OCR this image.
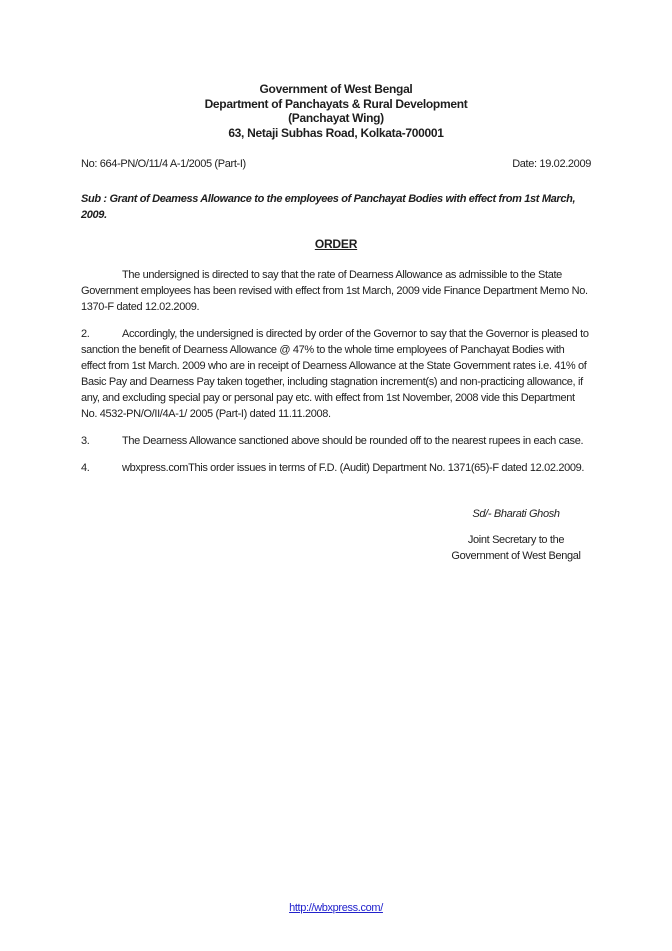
Government of West Bengal
Department of Panchayats & Rural Development
(Panchayat Wing)
63, Netaji Subhas Road, Kolkata-700001
No: 664-PN/O/11/4 A-1/2005 (Part-I)	Date: 19.02.2009
Sub : Grant of Deamess Allowance to the employees of Panchayat Bodies with effect from 1st March, 2009.
ORDER

The undersigned is directed to say that the rate of Dearness Allowance as admissible to the State Government employees has been revised with effect from 1st March, 2009 vide Finance Department Memo No. 1370-F dated 12.02.2009.

2.	Accordingly, the undersigned is directed by order of the Governor to say that the Governor is pleased to sanction the benefit of Dearness Allowance @ 47% to the whole time employees of Panchayat Bodies with effect from 1st March. 2009 who are in receipt of Dearness Allowance at the State Government rates i.e. 41% of Basic Pay and Dearness Pay taken together, including stagnation increment(s) and non-practicing allowance, if any, and excluding special pay or personal pay etc. with effect from 1st November, 2008 vide this Department No. 4532-PN/O/II/4A-1/ 2005 (Part-I) dated 11.11.2008.

3.	The Dearness Allowance sanctioned above should be rounded off to the nearest rupees in each case.

4.	wbxpress.comThis order issues in terms of F.D. (Audit) Department No. 1371(65)-F dated 12.02.2009.

Sd/- Bharati Ghosh
Joint Secretary to the
Government of West Bengal
http://wbxpress.com/
